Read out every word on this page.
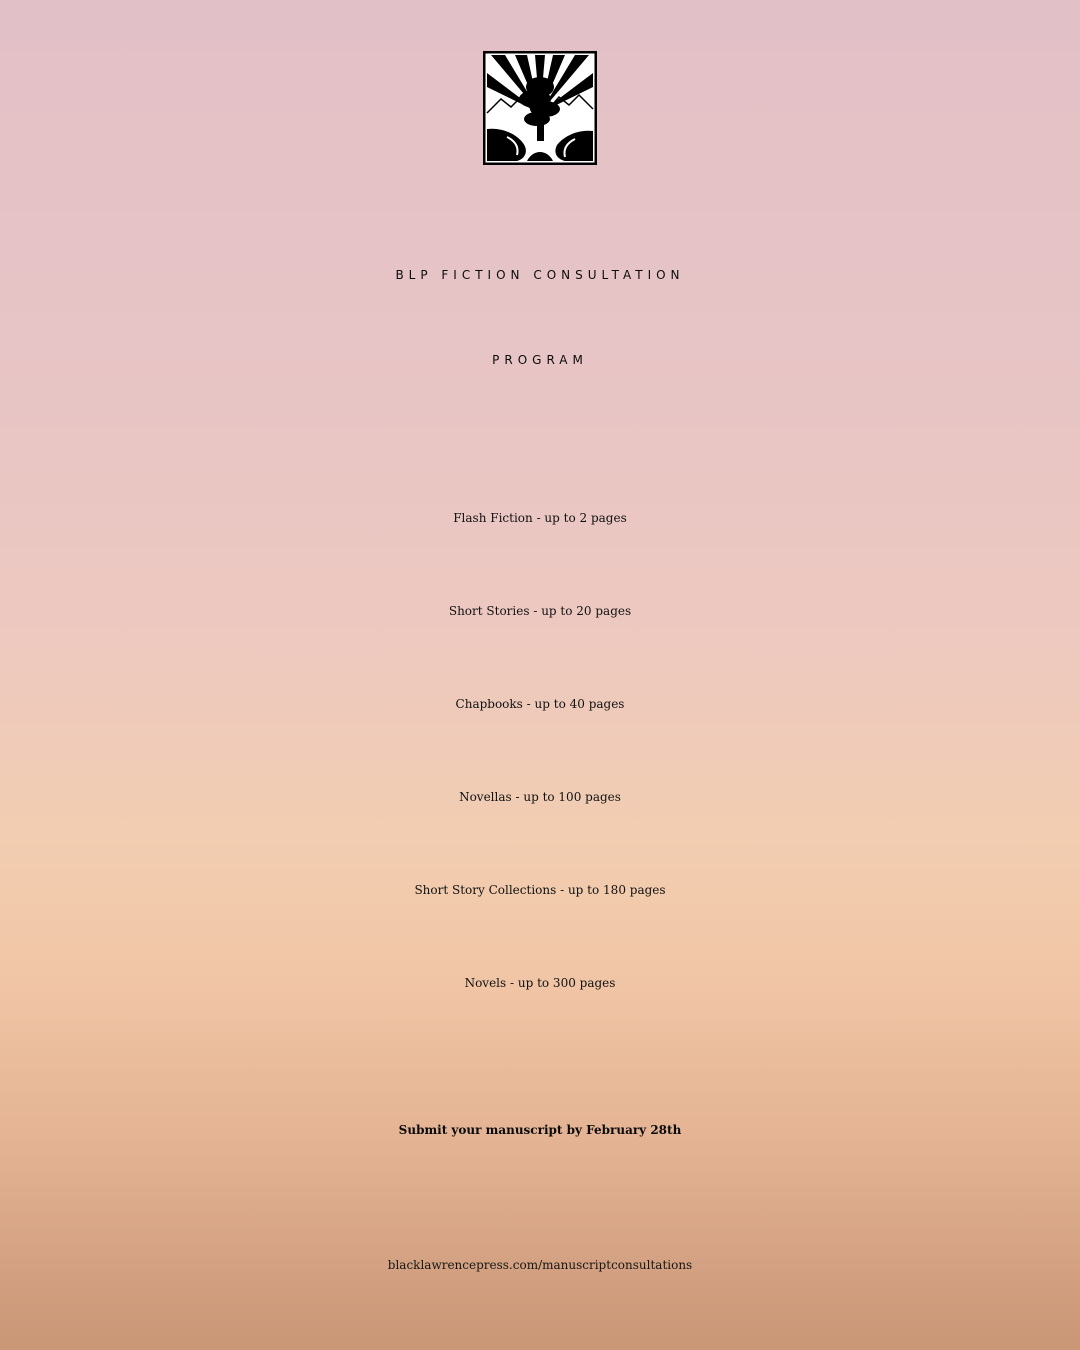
BLP FICTION CONSULTATION
PROGRAM
Flash Fiction - up to 2 pages
Short Stories - up to 20 pages
Chapbooks - up to 40 pages
Novellas - up to 100 pages
Short Story Collections - up to 180 pages
Novels - up to 300 pages
Submit your manuscript by February 28th
blacklawrencepress.com/manuscriptconsultations
